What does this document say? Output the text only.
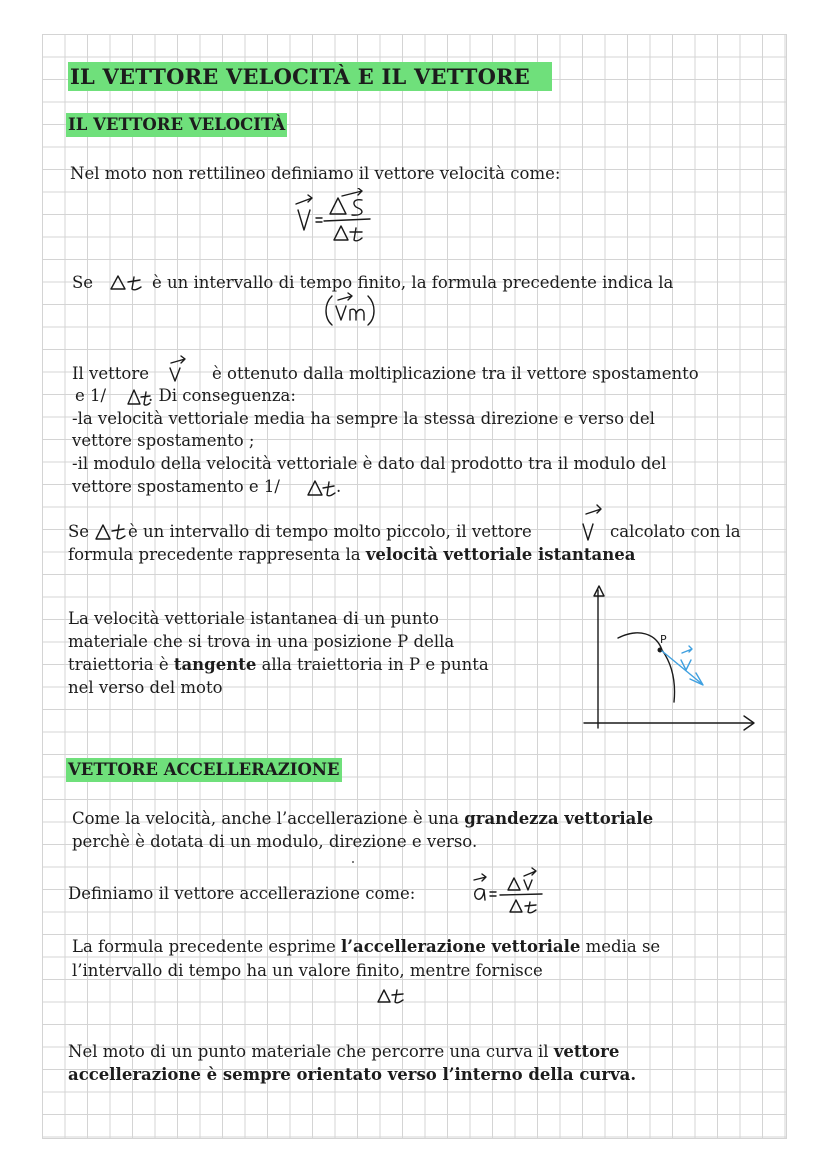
IL VETTORE VELOCITÀ E IL VETTORE
IL VETTORE VELOCITÀ
Nel moto non rettilineo definiamo il vettore velocità come:
Se	è un intervallo di tempo finito, la formula precedente indica la
Il vettore	è ottenuto dalla moltiplicazione tra il vettore spostamento
e 1/	. Di conseguenza:
-la velocità vettoriale media ha sempre la stessa direzione e verso del
vettore spostamento ;
-il modulo della velocità vettoriale è dato dal prodotto tra il modulo del
vettore spostamento e 1/	.
Se è un intervallo di tempo molto piccolo, il vettore	calcolato con la
formula precedente rappresenta la velocità vettoriale istantanea
La velocità vettoriale istantanea di un punto
materiale che si trova in una posizione P della
traiettoria è tangente alla traiettoria in P e punta
nel verso del moto
P
VETTORE ACCELLERAZIONE
Come la velocità, anche l’accellerazione è una grandezza vettoriale
perchè è dotata di un modulo, direzione e verso.
Definiamo il vettore accellerazione come:
La formula precedente esprime l’accellerazione vettoriale media se
l’intervallo di tempo ha un valore finito, mentre fornisce
Nel moto di un punto materiale che percorre una curva il vettore
accellerazione è sempre orientato verso l’interno della curva.
